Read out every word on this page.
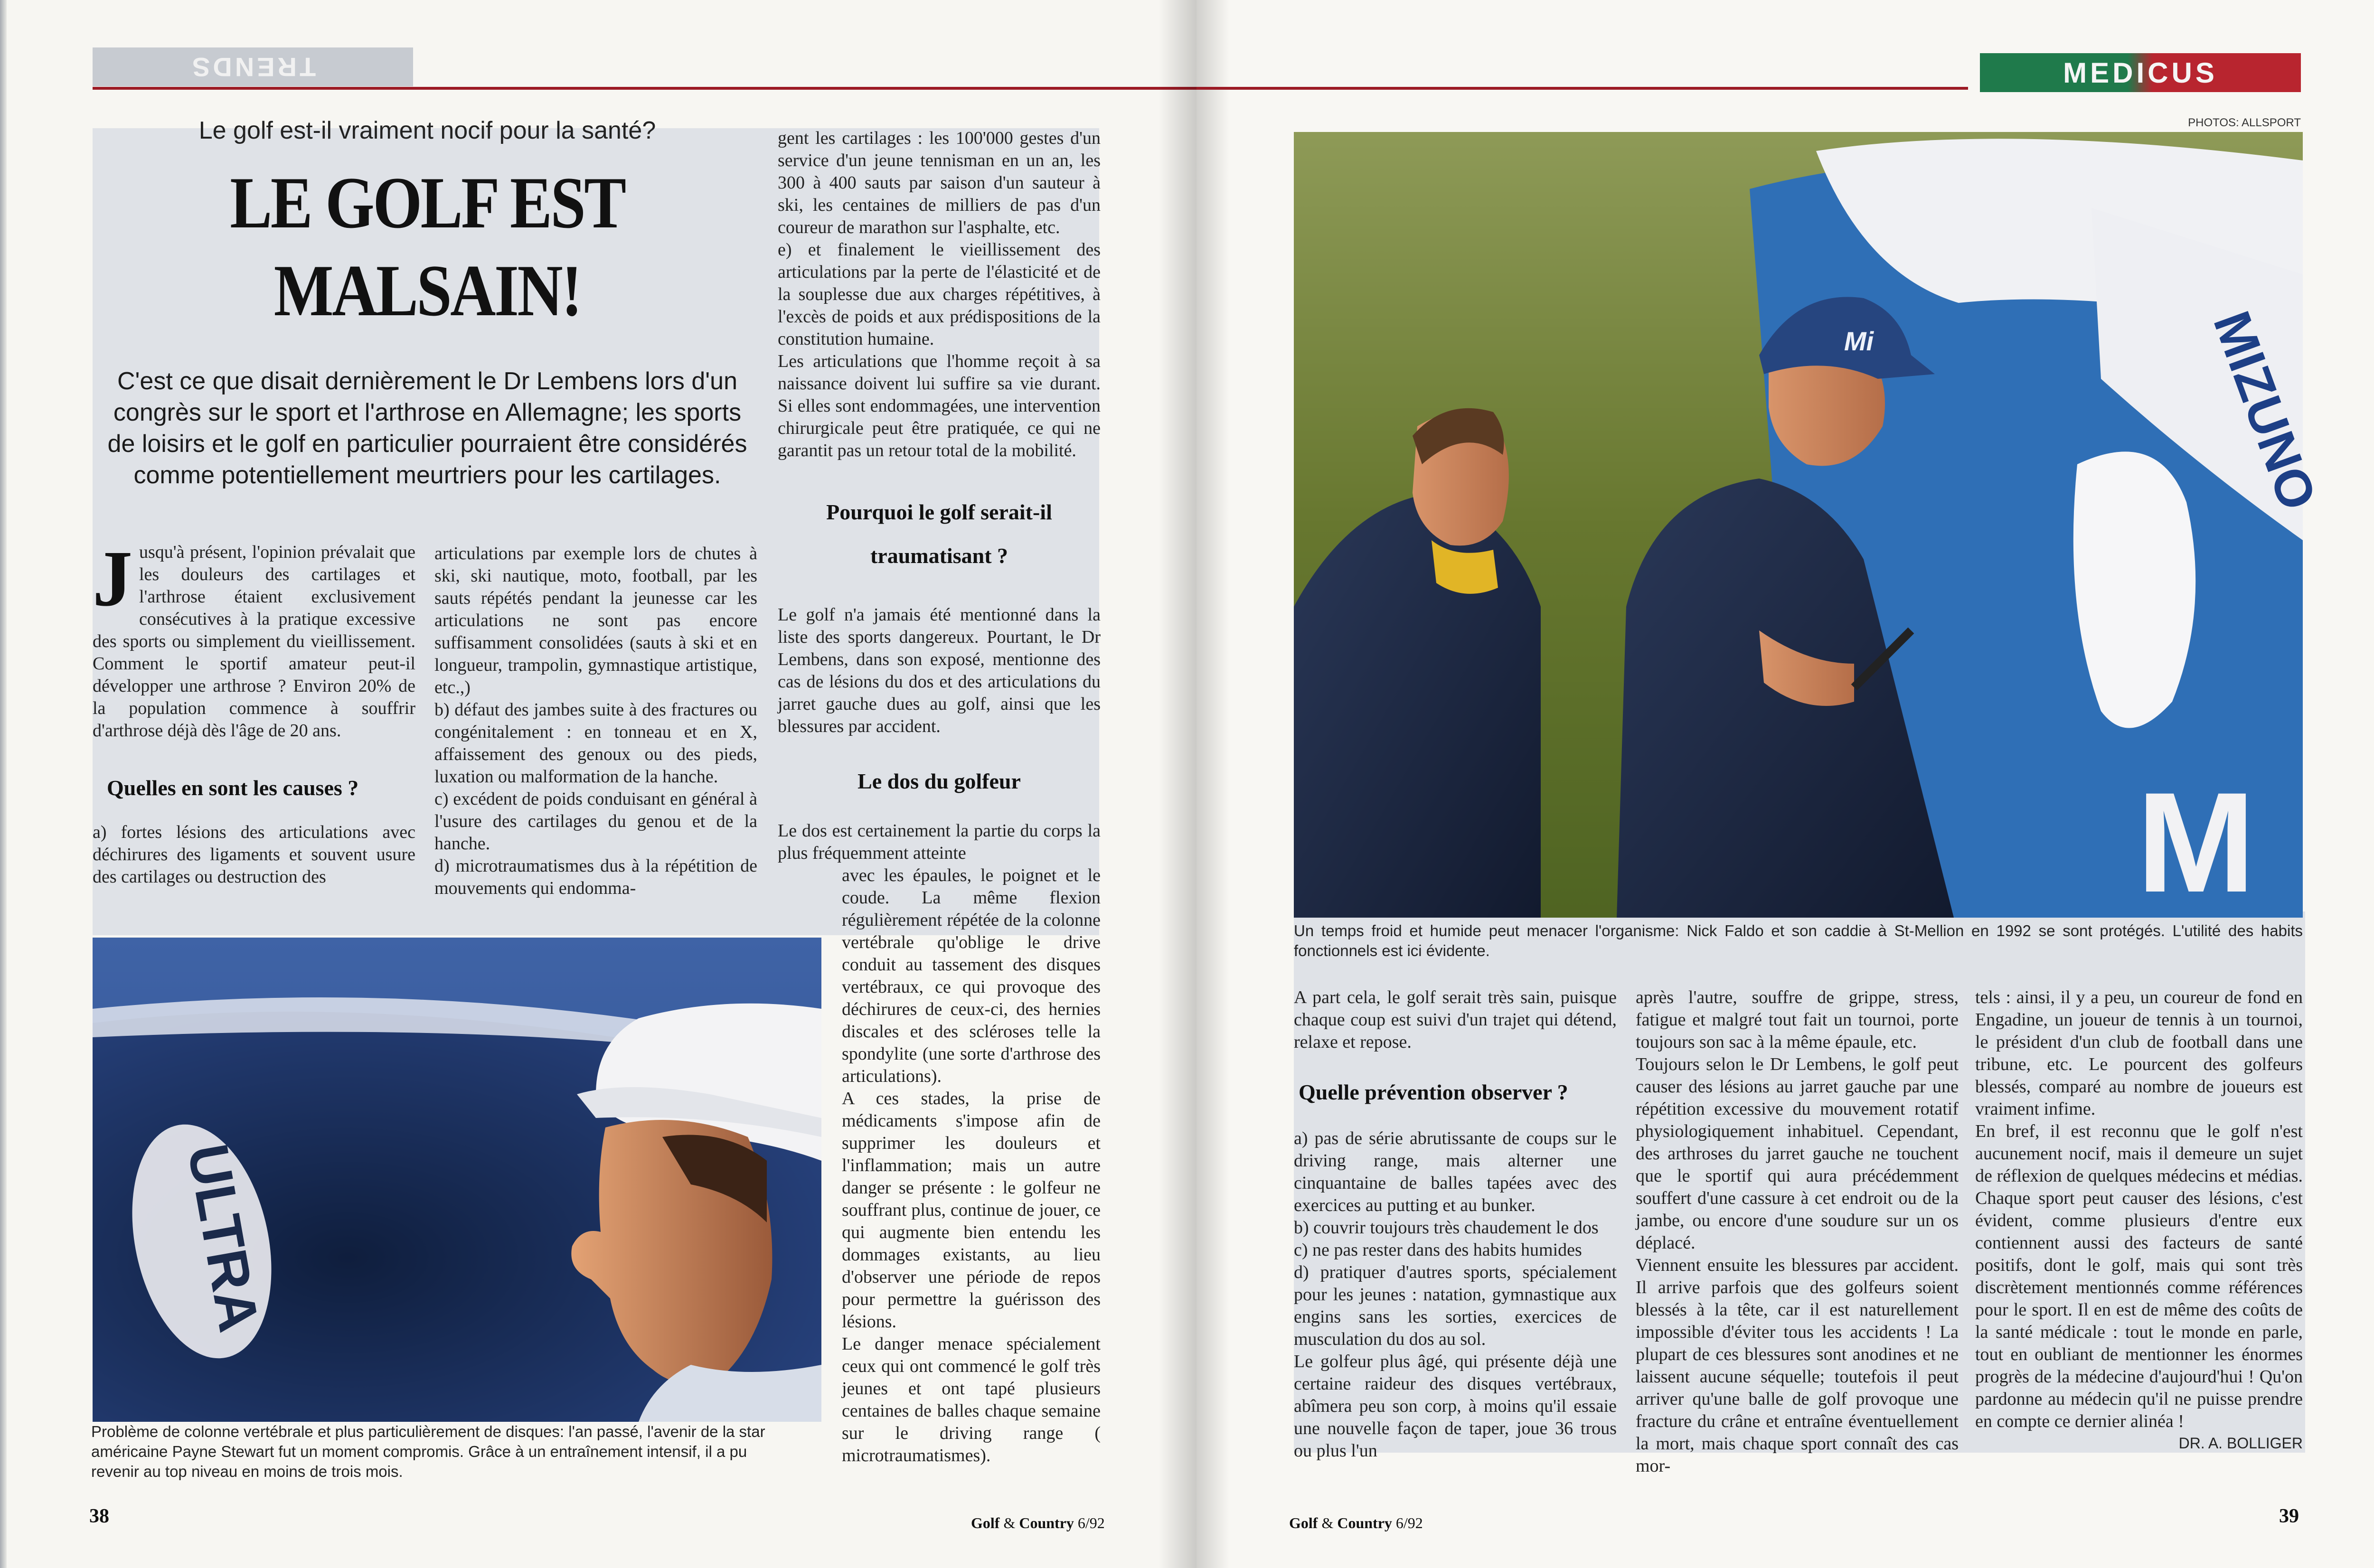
TRENDS
Le golf est-il vraiment nocif pour la santé?
LE GOLF EST
MALSAIN!
C'est ce que disait dernièrement le Dr Lembens lors d'un congrès sur le sport et l'arthrose en Allemagne; les sports de loisirs et le golf en particulier pourraient être considérés comme potentiellement meurtriers pour les cartilages.
J usqu'à présent, l'opinion prévalait que les douleurs des cartilages et l'arthrose étaient exclusivement consécutives à la pratique excessive des sports ou simplement du vieillissement. Comment le sportif amateur peut-il développer une arthrose ? Environ 20% de la population commence à souffrir d'arthrose déjà dès l'âge de 20 ans.
Quelles en sont les causes ?
a) fortes lésions des articulations avec déchirures des ligaments et souvent usure des cartilages ou destruction des
articulations par exemple lors de chutes à ski, ski nautique, moto, football, par les sauts répétés pendant la jeunesse car les articulations ne sont pas encore suffisamment consolidées (sauts à ski et en longueur, trampolin, gymnastique artistique, etc.,)
b) défaut des jambes suite à des fractures ou congénitalement : en tonneau et en X, affaissement des genoux ou des pieds, luxation ou malformation de la hanche.
c) excédent de poids conduisant en général à l'usure des cartilages du genou et de la hanche.
d) microtraumatismes dus à la répétition de mouvements qui endomma-
gent les cartilages : les 100'000 gestes d'un service d'un jeune tennisman en un an, les 300 à 400 sauts par saison d'un sauteur à ski, les centaines de milliers de pas d'un coureur de marathon sur l'asphalte, etc.
e) et finalement le vieillissement des articulations par la perte de l'élasticité et de la souplesse due aux charges répétitives, à l'excès de poids et aux prédispositions de la constitution humaine.
Les articulations que l'homme reçoit à sa naissance doivent lui suffire sa vie durant. Si elles sont endommagées, une intervention chirurgicale peut être pratiquée, ce qui ne garantit pas un retour total de la mobilité.
Pourquoi le golf serait-il
traumatisant ?
Le golf n'a jamais été mentionné dans la liste des sports dangereux. Pourtant, le Dr Lembens, dans son exposé, mentionne des cas de lésions du dos et des articulations du jarret gauche dues au golf, ainsi que les blessures par accident.
Le dos du golfeur
Le dos est certainement la partie du corps la plus fréquemment atteinte
avec les épaules, le poignet et le coude. La même flexion régulièrement répétée de la colonne vertébrale qu'oblige le drive conduit au tassement des disques vertébraux, ce qui provoque des déchirures de ceux-ci, des hernies discales et des scléroses telle la spondylite (une sorte d'arthrose des articulations).
A ces stades, la prise de médicaments s'impose afin de supprimer les douleurs et l'inflammation; mais un autre danger se présente : le golfeur ne souffrant plus, continue de jouer, ce qui augmente bien entendu les dommages existants, au lieu d'observer une période de repos pour permettre la guérisson des lésions.
Le danger menace spécialement ceux qui ont commencé le golf très jeunes et ont tapé plusieurs centaines de balles chaque semaine sur le driving range ( microtraumatismes).
ULTRA
Problème de colonne vertébrale et plus particulièrement de disques: l'an passé, l'avenir de la star américaine Payne Stewart fut un moment compromis. Grâce à un entraînement intensif, il a pu revenir au top niveau en moins de trois mois.
38	Golf & Country 6/92
MEDICUS
PHOTOS: ALLSPORT
MIZUNO
M
Mi
Un temps froid et humide peut menacer l'organisme: Nick Faldo et son caddie à St-Mellion en 1992 se sont protégés. L'utilité des habits fonctionnels est ici évidente.
A part cela, le golf serait très sain, puisque chaque coup est suivi d'un trajet qui détend, relaxe et repose.
Quelle prévention observer ?
a) pas de série abrutissante de coups sur le driving range, mais alterner une cinquantaine de balles tapées avec des exercices au putting et au bunker.
b) couvrir toujours très chaudement le dos
c) ne pas rester dans des habits humides
d) pratiquer d'autres sports, spécialement pour les jeunes : natation, gymnastique aux engins sans les sorties, exercices de musculation du dos au sol.
Le golfeur plus âgé, qui présente déjà une certaine raideur des disques vertébraux, abîmera peu son corp, à moins qu'il essaie une nouvelle façon de taper, joue 36 trous ou plus l'un
après l'autre, souffre de grippe, stress, fatigue et malgré tout fait un tournoi, porte toujours son sac à la même épaule, etc.
Toujours selon le Dr Lembens, le golf peut causer des lésions au jarret gauche par une répétition excessive du mouvement rotatif physiologiquement inhabituel. Cependant, des arthroses du jarret gauche ne touchent que le sportif qui aura précédemment souffert d'une cassure à cet endroit ou de la jambe, ou encore d'une soudure sur un os déplacé.
Viennent ensuite les blessures par accident. Il arrive parfois que des golfeurs soient blessés à la tête, car il est naturellement impossible d'éviter tous les accidents ! La plupart de ces blessures sont anodines et ne laissent aucune séquelle; toutefois il peut arriver qu'une balle de golf provoque une fracture du crâne et entraîne éventuellement la mort, mais chaque sport connaît des cas mor-
tels : ainsi, il y a peu, un coureur de fond en Engadine, un joueur de tennis à un tournoi, le président d'un club de football dans une tribune, etc. Le pourcent des golfeurs blessés, comparé au nombre de joueurs est vraiment infime.
En bref, il est reconnu que le golf n'est aucunement nocif, mais il demeure un sujet de réflexion de quelques médecins et médias. Chaque sport peut causer des lésions, c'est évident, comme plusieurs d'entre eux contiennent aussi des facteurs de santé positifs, dont le golf, mais qui sont très discrètement mentionnés comme références pour le sport. Il en est de même des coûts de la santé médicale : tout le monde en parle, tout en oubliant de mentionner les énormes progrès de la médecine d'aujourd'hui ! Qu'on pardonne au médecin qu'il ne puisse prendre en compte ce dernier alinéa !
DR. A. BOLLIGER
Golf & Country 6/92	39
